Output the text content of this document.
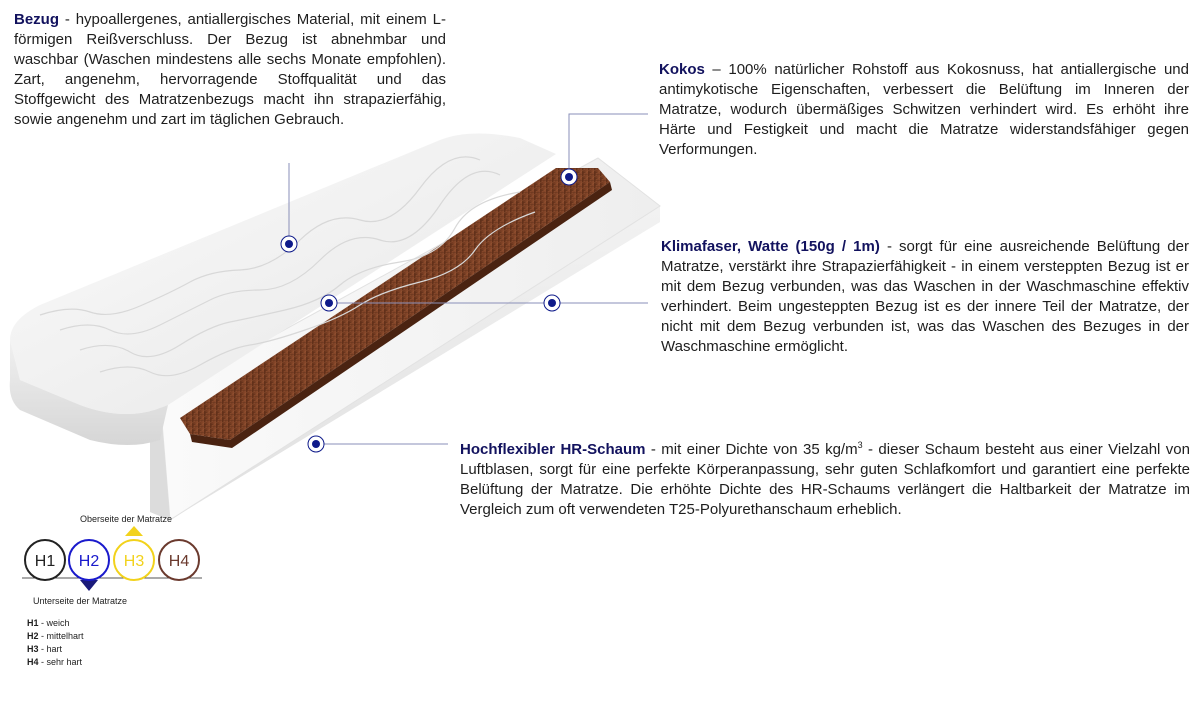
Bezug - hypoallergenes, antiallergisches Material, mit einem L-förmigen Reißverschluss. Der Bezug ist abnehmbar und waschbar (Waschen mindestens alle sechs Monate empfohlen). Zart, angenehm, hervorragende Stoffqualität und das Stoffgewicht des Matratzenbezugs macht ihn strapazierfähig, sowie angenehm und zart im täglichen Gebrauch.

Kokos – 100% natürlicher Rohstoff aus Kokosnuss, hat antiallergische und antimykotische Eigenschaften, verbessert die Belüftung im Inneren der Matratze, wodurch übermäßiges Schwitzen verhindert wird. Es erhöht ihre Härte und Festigkeit und macht die Matratze widerstandsfähiger gegen Verformungen.

Klimafaser, Watte (150g / 1m) - sorgt für eine ausreichende Belüftung der Matratze, verstärkt ihre Strapazierfähigkeit - in einem versteppten Bezug ist er mit dem Bezug verbunden, was das Waschen in der Waschmaschine effektiv verhindert. Beim ungesteppten Bezug ist es der innere Teil der Matratze, der nicht mit dem Bezug verbunden ist, was das Waschen des Bezuges in der Waschmaschine ermöglicht.

Hochflexibler HR-Schaum - mit einer Dichte von 35 $kg/m^3$ - dieser Schaum besteht aus einer Vielzahl von Luftblasen, sorgt für eine perfekte Körperanpassung, sehr guten Schlafkomfort und garantiert eine perfekte Belüftung der Matratze. Die erhöhte Dichte des HR-Schaums verlängert die Haltbarkeit der Matratze im Vergleich zum oft verwendeten T25-Polyurethanschaum erheblich.

H1 H2 H3 H4
Oberseite der Matratze
Unterseite der Matratze
H1 - weich
H2 - mittelhart
H3 - hart
H4 - sehr hart
